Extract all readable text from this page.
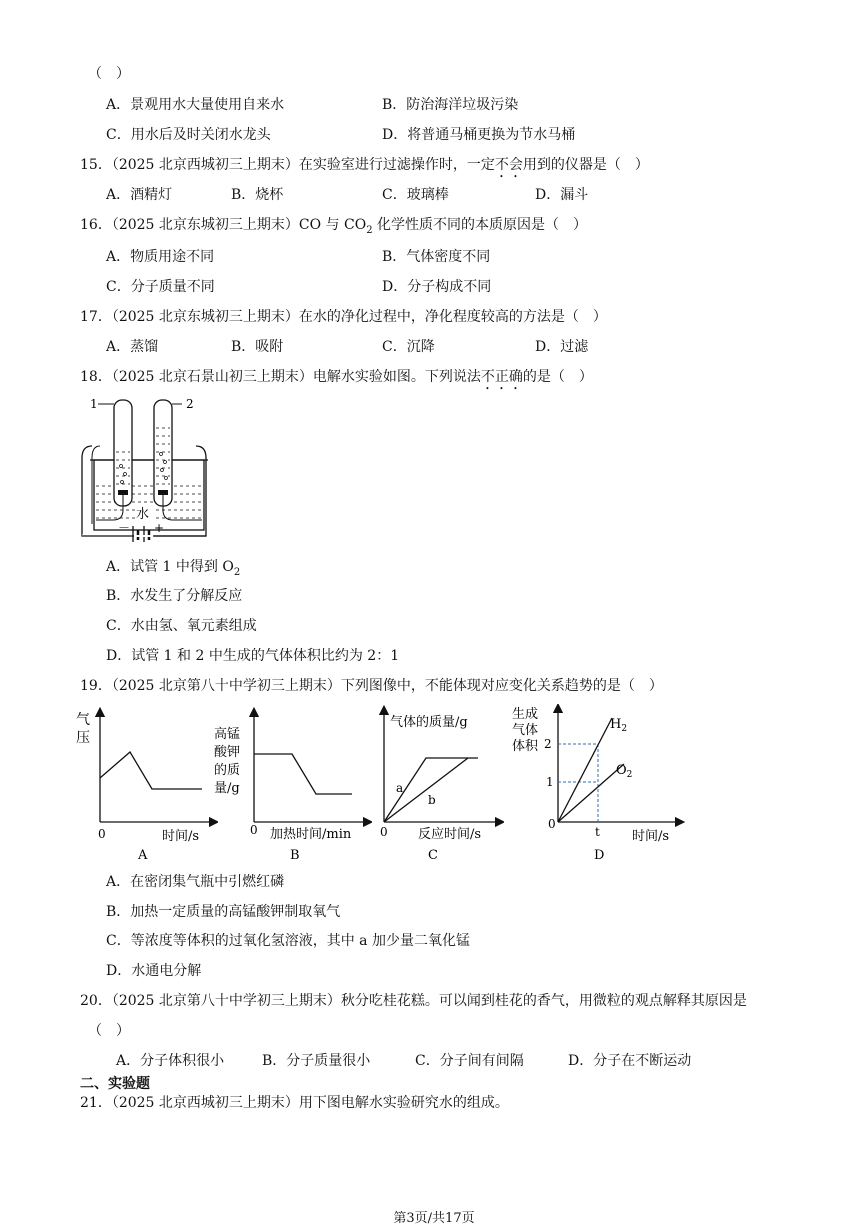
（　）
A．景观用水大量使用自来水	B．防治海洋垃圾污染
C．用水后及时关闭水龙头	D．将普通马桶更换为节水马桶
15．（2025 北京西城初三上期末）在实验室进行过滤操作时，一定不会用到的仪器是（　）
A．酒精灯	B．烧杯	C．玻璃棒	D．漏斗
16．（2025 北京东城初三上期末）CO 与 $CO_2$ 化学性质不同的本质原因是（　）
A．物质用途不同	B．气体密度不同
C．分子质量不同	D．分子构成不同
17．（2025 北京东城初三上期末）在水的净化过程中，净化程度较高的方法是（　）
A．蒸馏	B．吸附	C．沉降	D．过滤
18．（2025 北京石景山初三上期末）电解水实验如图。下列说法不正确的是（　）
1	2
水
－ +
A．试管 1 中得到 $O_2$
B．水发生了分解反应
C．水由氢、氧元素组成
D．试管 1 和 2 中生成的气体体积比约为 2：1
19．（2025 北京第八十中学初三上期末）下列图像中，不能体现对应变化关系趋势的是（　）
气
压
0	时间/s
A
高锰
酸钾
的质
量/g
0 加热时间/min
B
气体的质量/g
a
b
0 反应时间/s
C
生成
气体
体积 2
1
0
t
$H_2$
$O_2$
时间/s
D
A．在密闭集气瓶中引燃红磷
B．加热一定质量的高锰酸钾制取氧气
C．等浓度等体积的过氧化氢溶液，其中 a 加少量二氧化锰
D．水通电分解
20．（2025 北京第八十中学初三上期末）秋分吃桂花糕。可以闻到桂花的香气，用微粒的观点解释其原因是
（　）
A．分子体积很小	B．分子质量很小	C．分子间有间隔	D．分子在不断运动
二、实验题
21．（2025 北京西城初三上期末）用下图电解水实验研究水的组成。
第3页/共17页
